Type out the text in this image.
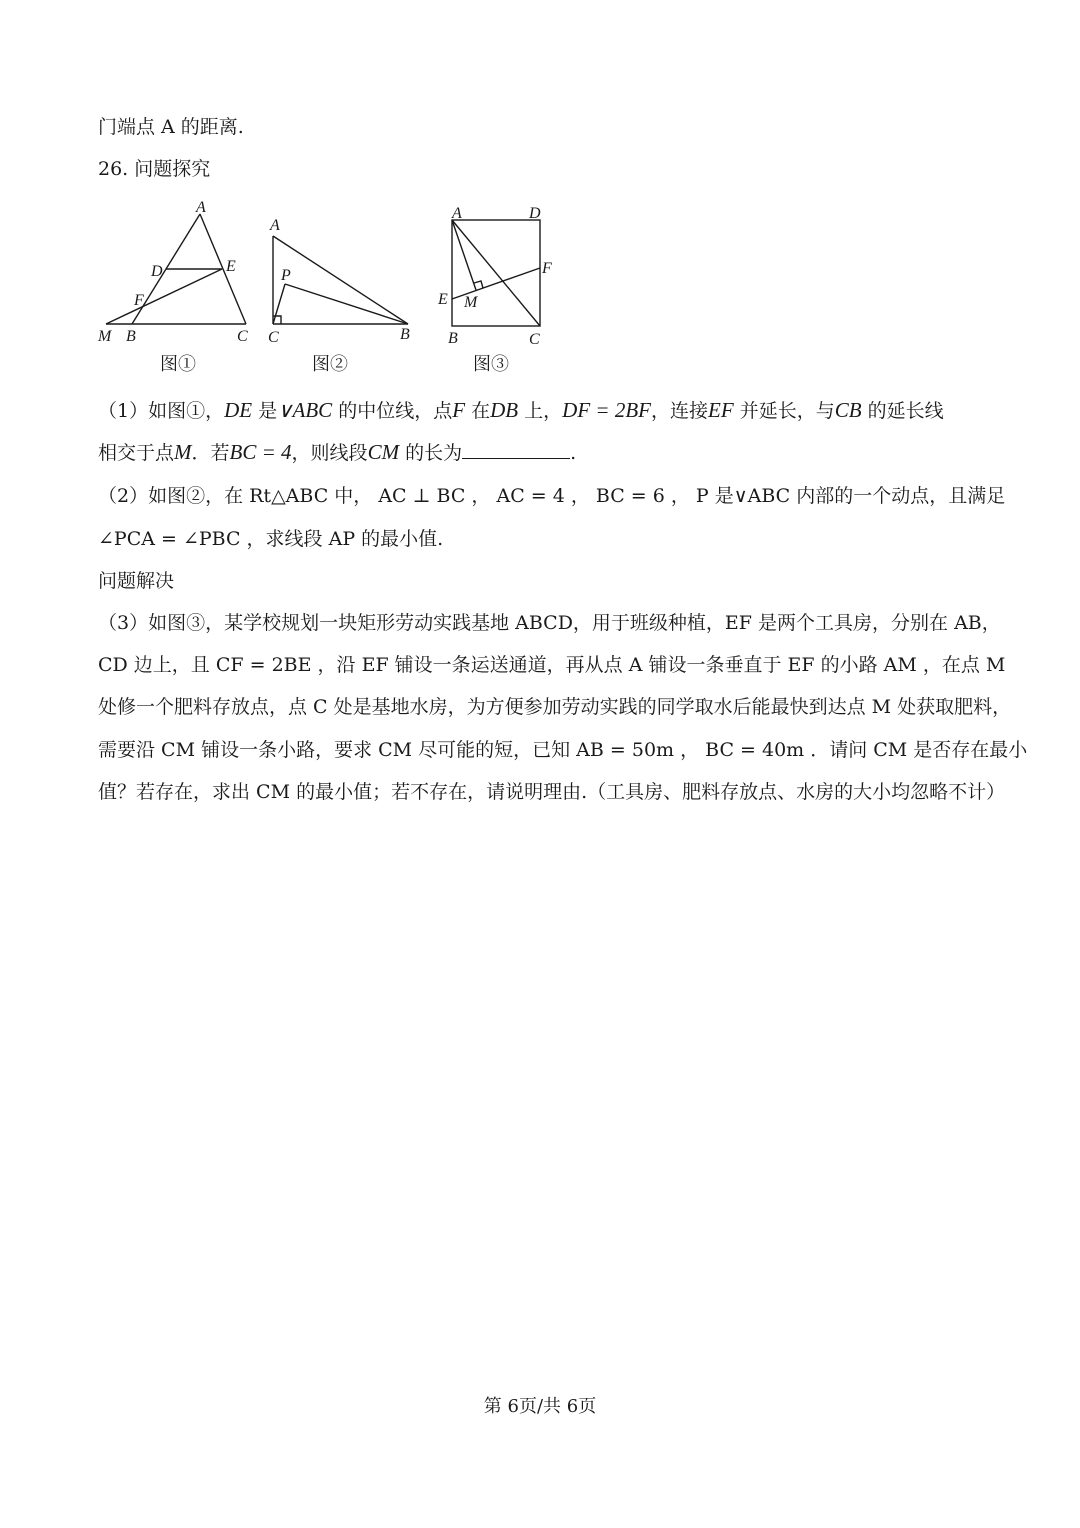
门端点 A 的距离.
26. 问题探究
A
D	E
F
M B	C
图①
A
P
C	B
图②
A	D
F
E M
B	C
图③
（1）如图①，DE 是∨ABC 的中位线，点F 在DB 上，DF = 2BF，连接EF 并延长，与CB 的延长线
相交于点M．若BC = 4，则线段CM 的长为	.
（2）如图②，在 Rt△ABC 中， AC ⊥ BC ， AC = 4 ， BC = 6 ， P 是∨ABC 内部的一个动点，且满足
∠PCA = ∠PBC ，求线段 AP 的最小值.
问题解决
（3）如图③，某学校规划一块矩形劳动实践基地 ABCD，用于班级种植，EF 是两个工具房，分别在 AB，
CD 边上，且 CF = 2BE ，沿 EF 铺设一条运送通道，再从点 A 铺设一条垂直于 EF 的小路 AM ，在点 M
处修一个肥料存放点，点 C 处是基地水房，为方便参加劳动实践的同学取水后能最快到达点 M 处获取肥料，
需要沿 CM 铺设一条小路，要求 CM 尽可能的短，已知 AB = 50m ， BC = 40m ．请问 CM 是否存在最小
值？若存在，求出 CM 的最小值；若不存在，请说明理由.（工具房、肥料存放点、水房的大小均忽略不计）
第 6页/共 6页
